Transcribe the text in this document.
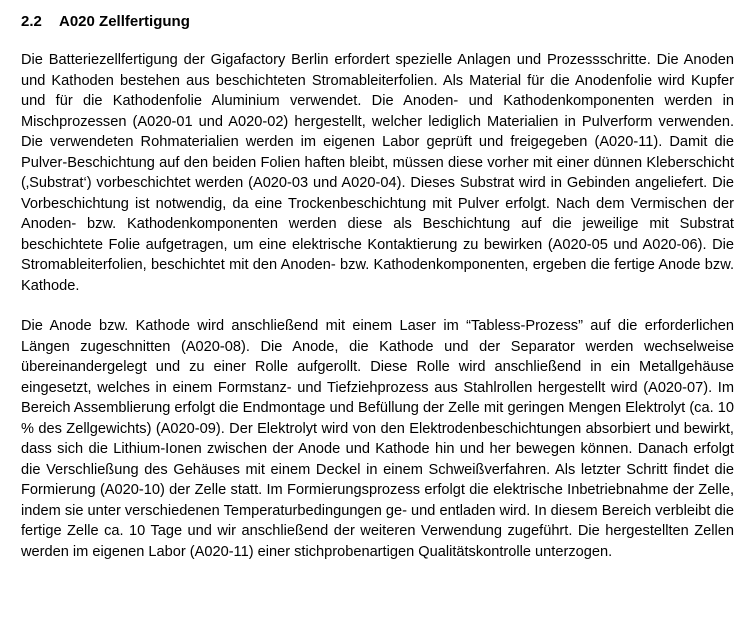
2.2	A020 Zellfertigung

Die Batteriezellfertigung der Gigafactory Berlin erfordert spezielle Anlagen und Prozessschritte. Die Anoden und Kathoden bestehen aus beschichteten Stromableiterfolien. Als Material für die Anodenfolie wird Kupfer und für die Kathodenfolie Aluminium verwendet. Die Anoden- und Kathodenkomponenten werden in Mischprozessen (A020-01 und A020-02) hergestellt, welcher lediglich Materialien in Pulverform verwenden. Die verwendeten Rohmaterialien werden im eigenen Labor geprüft und freigegeben (A020-11). Damit die Pulver-Beschichtung auf den beiden Folien haften bleibt, müssen diese vorher mit einer dünnen Kleberschicht (‚Substrat‘) vorbeschichtet werden (A020-03 und A020-04). Dieses Substrat wird in Gebinden angeliefert. Die Vorbeschichtung ist notwendig, da eine Trockenbeschichtung mit Pulver erfolgt. Nach dem Vermischen der Anoden- bzw. Kathodenkomponenten werden diese als Beschichtung auf die jeweilige mit Substrat beschichtete Folie aufgetragen, um eine elektrische Kontaktierung zu bewirken (A020-05 und A020-06). Die Stromableiterfolien, beschichtet mit den Anoden- bzw. Kathodenkomponenten, ergeben die fertige Anode bzw. Kathode.

Die Anode bzw. Kathode wird anschließend mit einem Laser im “Tabless-Prozess” auf die erforderlichen Längen zugeschnitten (A020-08). Die Anode, die Kathode und der Separator werden wechselweise übereinandergelegt und zu einer Rolle aufgerollt. Diese Rolle wird anschließend in ein Metallgehäuse eingesetzt, welches in einem Formstanz- und Tiefziehprozess aus Stahlrollen hergestellt wird (A020-07). Im Bereich Assemblierung erfolgt die Endmontage und Befüllung der Zelle mit geringen Mengen Elektrolyt (ca. 10 % des Zellgewichts) (A020-09). Der Elektrolyt wird von den Elektrodenbeschichtungen absorbiert und bewirkt, dass sich die Lithium-Ionen zwischen der Anode und Kathode hin und her bewegen können. Danach erfolgt die Verschließung des Gehäuses mit einem Deckel in einem Schweißverfahren. Als letzter Schritt findet die Formierung (A020-10) der Zelle statt. Im Formierungsprozess erfolgt die elektrische Inbetriebnahme der Zelle, indem sie unter verschiedenen Temperaturbedingungen ge- und entladen wird. In diesem Bereich verbleibt die fertige Zelle ca. 10 Tage und wir anschließend der weiteren Verwendung zugeführt. Die hergestellten Zellen werden im eigenen Labor (A020-11) einer stichprobenartigen Qualitätskontrolle unterzogen.
